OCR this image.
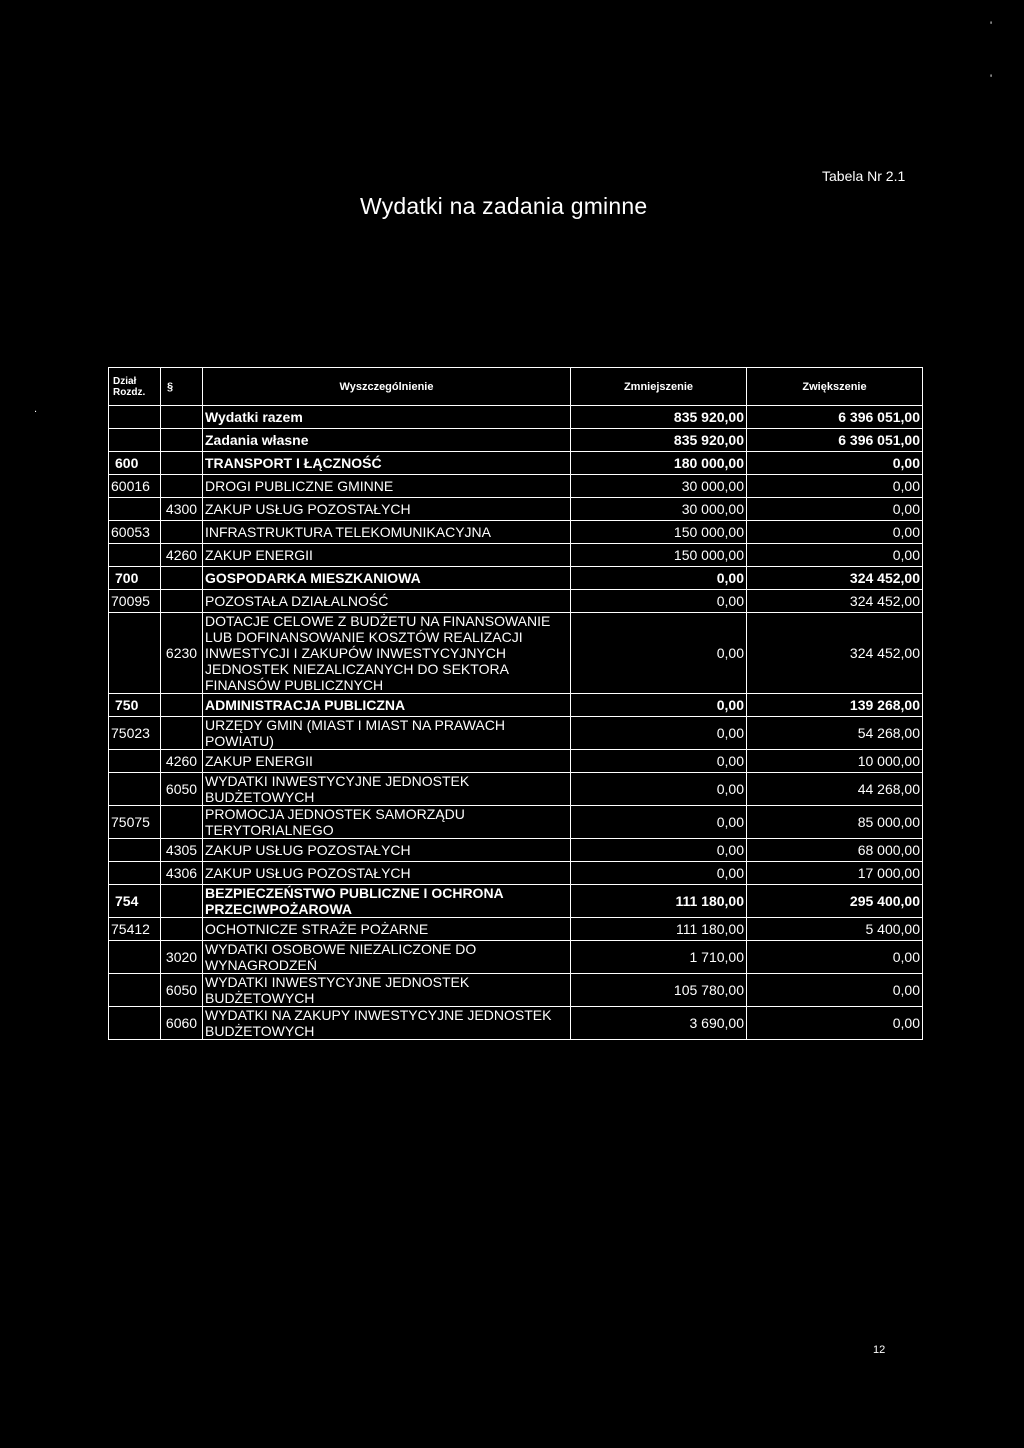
'
'
.
Tabela Nr 2.1
Wydatki na zadania gminne
Dział Rozdz.	§	Wyszczególnienie	Zmniejszenie	Zwiększenie
		Wydatki razem	835 920,00	6 396 051,00
		Zadania własne	835 920,00	6 396 051,00
600		TRANSPORT I ŁĄCZNOŚĆ	180 000,00	0,00
60016		DROGI PUBLICZNE GMINNE	30 000,00	0,00
	4300	ZAKUP USŁUG POZOSTAŁYCH	30 000,00	0,00
60053		INFRASTRUKTURA TELEKOMUNIKACYJNA	150 000,00	0,00
	4260	ZAKUP ENERGII	150 000,00	0,00
700		GOSPODARKA MIESZKANIOWA	0,00	324 452,00
70095		POZOSTAŁA DZIAŁALNOŚĆ	0,00	324 452,00
	6230	DOTACJE CELOWE Z BUDŻETU NA FINANSOWANIE LUB DOFINANSOWANIE KOSZTÓW REALIZACJI INWESTYCJI I ZAKUPÓW INWESTYCYJNYCH JEDNOSTEK NIEZALICZANYCH DO SEKTORA FINANSÓW PUBLICZNYCH	0,00	324 452,00
750		ADMINISTRACJA PUBLICZNA	0,00	139 268,00
75023		URZĘDY GMIN (MIAST I MIAST NA PRAWACH POWIATU)	0,00	54 268,00
	4260	ZAKUP ENERGII	0,00	10 000,00
	6050	WYDATKI INWESTYCYJNE JEDNOSTEK BUDŻETOWYCH	0,00	44 268,00
75075		PROMOCJA JEDNOSTEK SAMORZĄDU TERYTORIALNEGO	0,00	85 000,00
	4305	ZAKUP USŁUG POZOSTAŁYCH	0,00	68 000,00
	4306	ZAKUP USŁUG POZOSTAŁYCH	0,00	17 000,00
754		BEZPIECZEŃSTWO PUBLICZNE I OCHRONA PRZECIWPOŻAROWA	111 180,00	295 400,00
75412		OCHOTNICZE STRAŻE POŻARNE	111 180,00	5 400,00
	3020	WYDATKI OSOBOWE NIEZALICZONE DO WYNAGRODZEŃ	1 710,00	0,00
	6050	WYDATKI INWESTYCYJNE JEDNOSTEK BUDŻETOWYCH	105 780,00	0,00
	6060	WYDATKI NA ZAKUPY INWESTYCYJNE JEDNOSTEK BUDŻETOWYCH	3 690,00	0,00
12
